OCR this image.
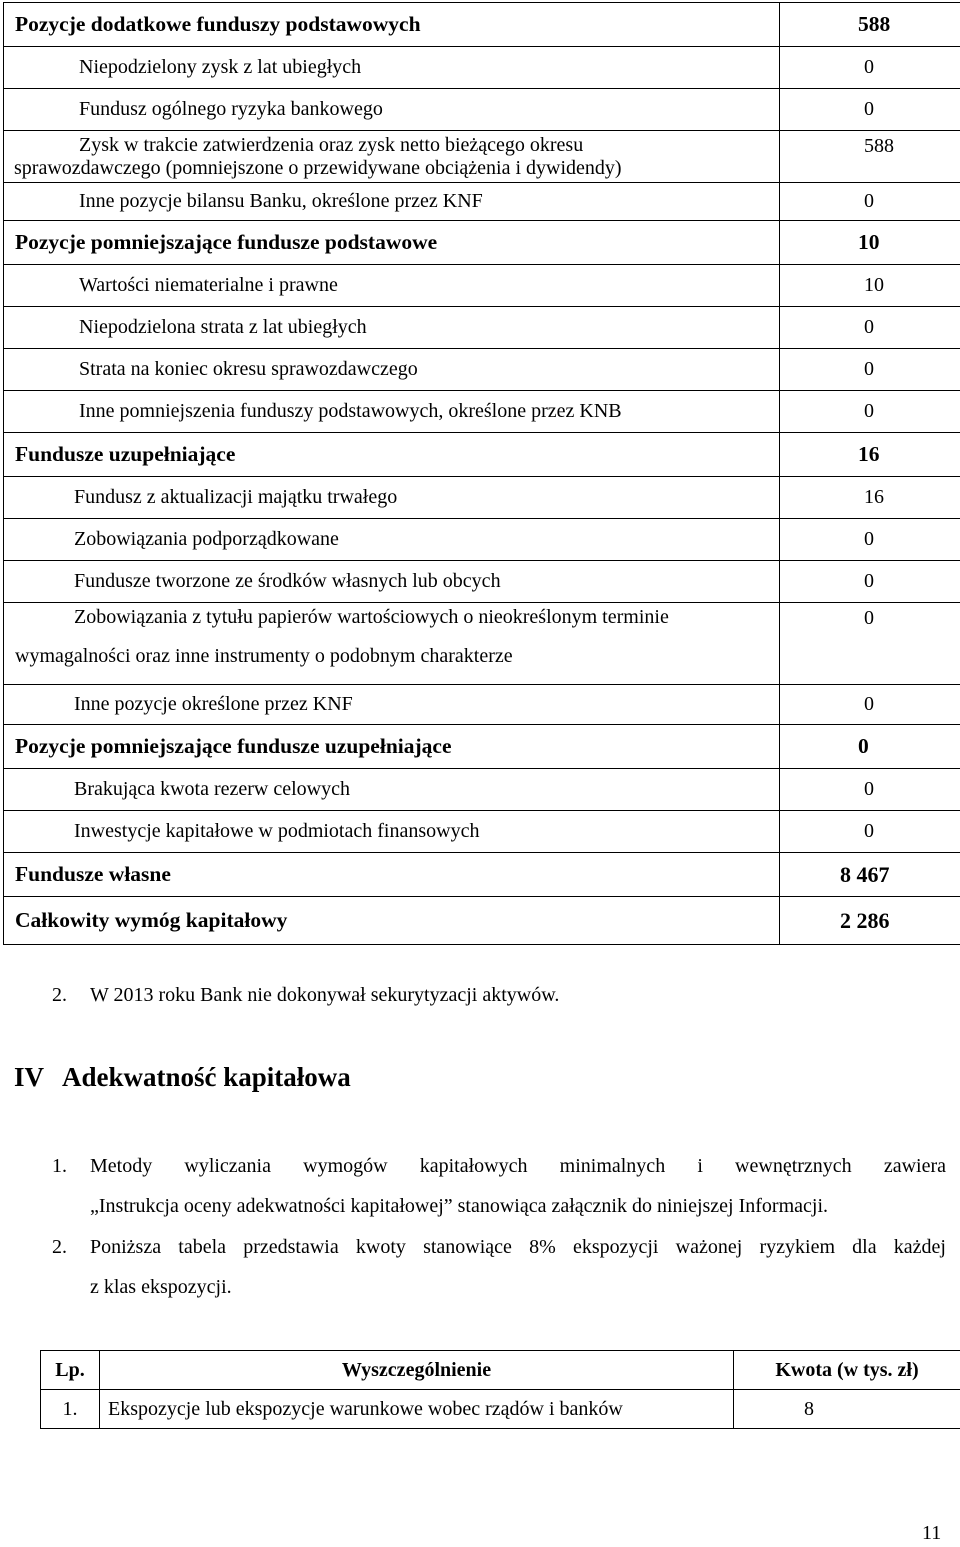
Pozycje dodatkowe funduszy podstawowych	588
Niepodzielony zysk z lat ubiegłych	0
Fundusz ogólnego ryzyka bankowego	0

Zysk w trakcie zatwierdzenia oraz zysk netto bieżącego okresu
sprawozdawczego (pomniejszone o przewidywane obciążenia i dywidendy)	588
Inne pozycje bilansu Banku, określone przez KNF	0
Pozycje pomniejszające fundusze podstawowe	10
Wartości niematerialne i prawne	10
Niepodzielona strata z lat ubiegłych	0
Strata na koniec okresu sprawozdawczego	0
Inne pomniejszenia funduszy podstawowych, określone przez KNB	0
Fundusze uzupełniające	16
Fundusz z aktualizacji majątku trwałego	16
Zobowiązania podporządkowane	0
Fundusze tworzone ze środków własnych lub obcych	0

Zobowiązania z tytułu papierów wartościowych o nieokreślonym terminie
wymagalności oraz inne instrumenty o podobnym charakterze	0
Inne pozycje określone przez KNF	0
Pozycje pomniejszające fundusze uzupełniające	0
Brakująca kwota rezerw celowych	0
Inwestycje kapitałowe w podmiotach finansowych	0
Fundusze własne	8 467
Całkowity wymóg kapitałowy	2 286
2. W 2013 roku Bank nie dokonywał sekurytyzacji aktywów.
IV Adekwatność kapitałowa
1. Metody wyliczania wymogów kapitałowych minimalnych i wewnętrznych zawiera
„Instrukcja oceny adekwatności kapitałowej” stanowiąca załącznik do niniejszej Informacji.
2. Poniższa tabela przedstawia kwoty stanowiące 8% ekspozycji ważonej ryzykiem dla każdej
z klas ekspozycji.
Lp.	Wyszczególnienie	Kwota (w tys. zł)
1.	Ekspozycje lub ekspozycje warunkowe wobec rządów i banków	8
11
